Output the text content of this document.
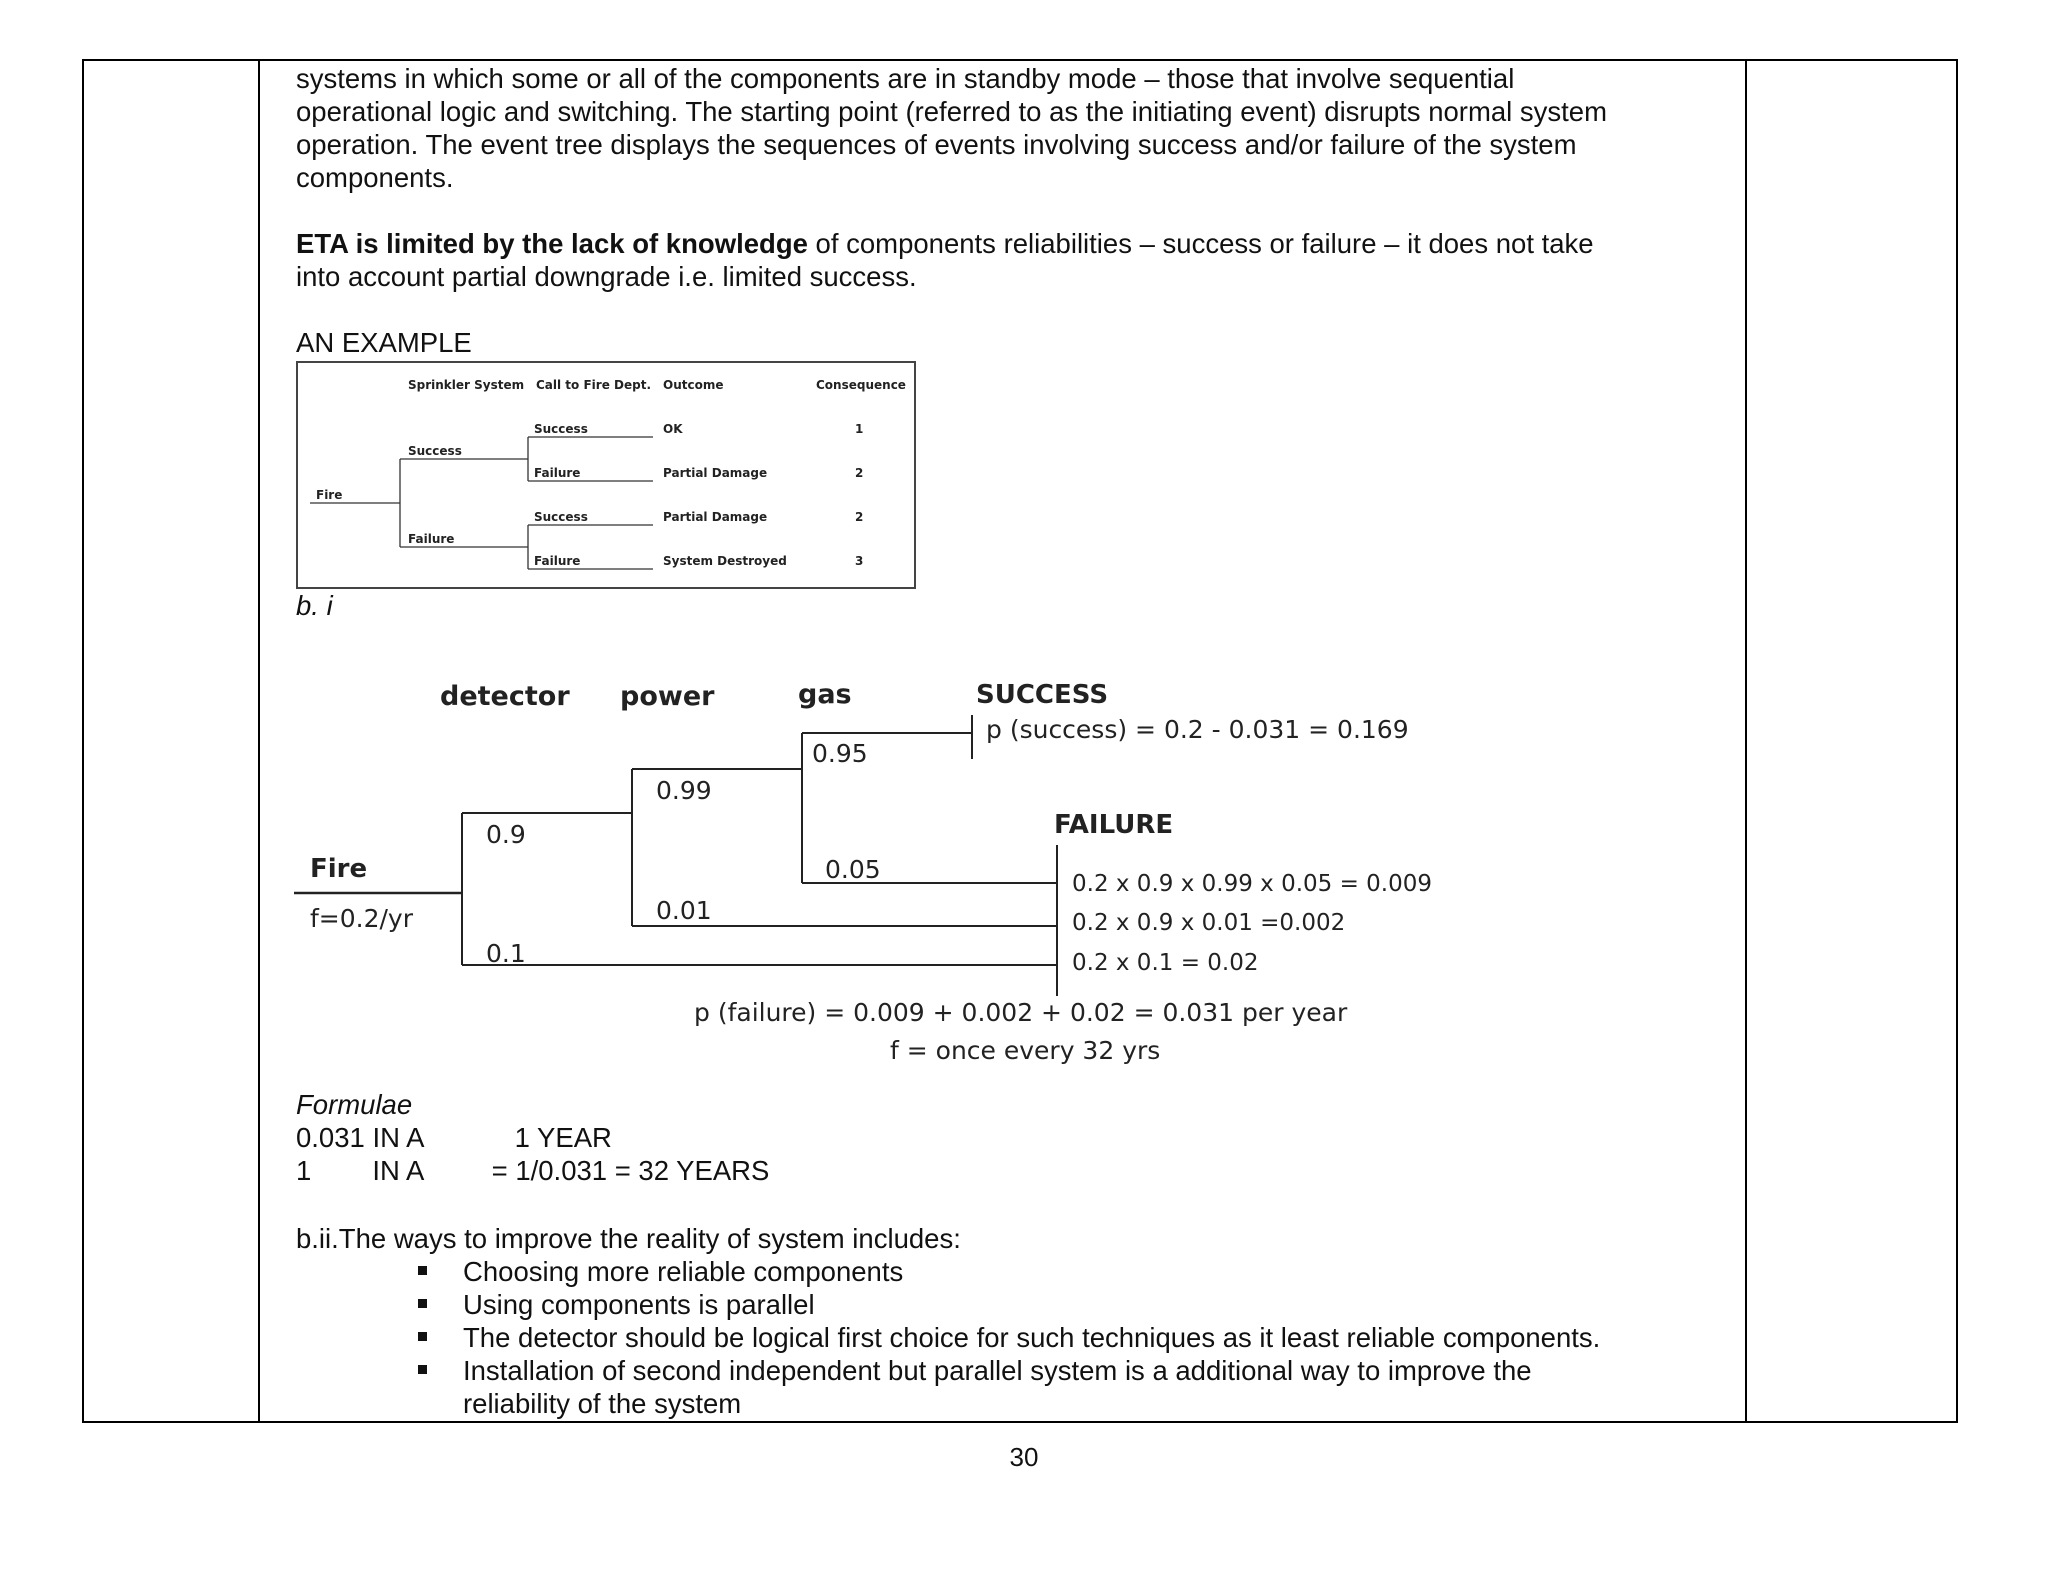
systems in which some or all of the components are in standby mode – those that involve sequential

operational logic and switching. The starting point (referred to as the initiating event) disrupts normal system

operation. The event tree displays the sequences of events involving success and/or failure of the system

components.

ETA is limited by the lack of knowledge of components reliabilities – success or failure – it does not take

into account partial downgrade i.e. limited success.

AN EXAMPLE

Sprinkler System Call to Fire Dept. Outcome	Consequence
Fire
Success
Failure
Success
Failure
Success
Failure
OK
Partial Damage
Partial Damage
System Destroyed
1
2
2
3

b. i

detector power	gas
Fire
f=0.2/yr
0.9
0.1
0.99
0.01
0.95
0.05
SUCCESS
p (success) = 0.2 - 0.031 = 0.169
FAILURE
0.2 x 0.9 x 0.99 x 0.05 = 0.009
0.2 x 0.9 x 0.01 =0.002
0.2 x 0.1 = 0.02
p (failure) = 0.009 + 0.002 + 0.02 = 0.031 per year
f = once every 32 yrs

Formulae

0.031 IN A            1 YEAR

1        IN A         = 1/0.031 = 32 YEARS

b.ii.The ways to improve the reality of system includes:

Choosing more reliable components
Using components is parallel
The detector should be logical first choice for such techniques as it least reliable components.
Installation of second independent but parallel system is a additional way to improve the reliability of the system
30
